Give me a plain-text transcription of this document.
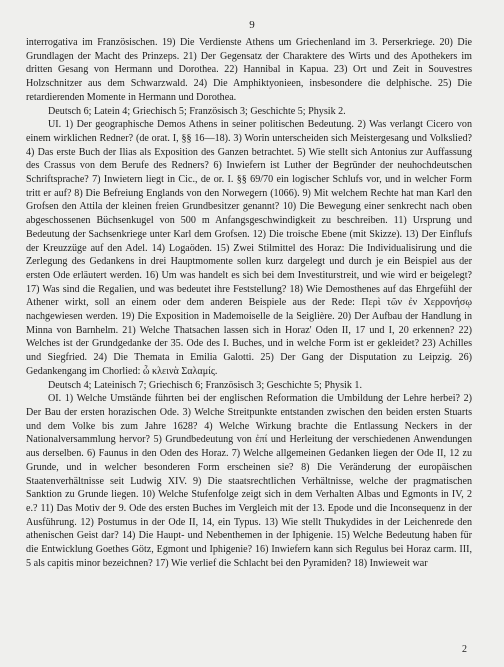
9

interrogativa im Französischen. 19) Die Verdienste Athens um Griechenland im 3. Perserkriege. 20) Die Grundlagen der Macht des Prinzeps. 21) Der Gegensatz der Charaktere des Wirts und des Apothekers im dritten Gesang von Hermann und Dorothea. 22) Hannibal in Kapua. 23) Ort und Zeit in Souvestres Holzschnitzer aus dem Schwarzwald. 24) Die Amphiktyonieen, insbesondere die delphische. 25) Die retardierenden Momente in Hermann und Dorothea.

Deutsch 6; Latein 4; Griechisch 5; Französisch 3; Geschichte 5; Physik 2.

UI. 1) Der geographische Demos Athens in seiner politischen Bedeutung. 2) Was verlangt Cicero von einem wirklichen Redner? (de orat. I, §§ 16—18). 3) Worin unterscheiden sich Meistergesang und Volkslied? 4) Das erste Buch der Ilias als Exposition des Ganzen betrachtet. 5) Wie stellt sich Antonius zur Auffassung des Crassus von dem Berufe des Redners? 6) Inwiefern ist Luther der Begründer der neuhochdeutschen Schriftsprache? 7) Inwietern liegt in Cic., de or. I. §§ 69/70 ein logischer Schlufs vor, und in welcher Form tritt er auf? 8) Die Befreiung Englands von den Norwegern (1066). 9) Mit welchem Rechte hat man Karl den Grofsen den Attila der kleinen freien Grundbesitzer genannt? 10) Die Bewegung einer senkrecht nach oben abgeschossenen Büchsenkugel von 500 m Anfangsgeschwindigkeit zu beschreiben. 11) Ursprung und Bedeutung der Sachsenkriege unter Karl dem Grofsen. 12) Die troische Ebene (mit Skizze). 13) Der Einflufs der Kreuzzüge auf den Adel. 14) Logaöden. 15) Zwei Stilmittel des Horaz: Die Individualisirung und die Zerlegung des Gedankens in drei Hauptmomente sollen kurz dargelegt und durch je ein Beispiel aus der ersten Ode erläutert werden. 16) Um was handelt es sich bei dem Investiturstreit, und wie wird er beigelegt? 17) Was sind die Regalien, und was bedeutet ihre Feststellung? 18) Wie Demosthenes auf das Ehrgefühl der Athener wirkt, soll an einem oder dem anderen Beispiele aus der Rede: Περὶ τῶν ἐν Χερρονήσῳ nachgewiesen werden. 19) Die Exposition in Mademoiselle de la Seiglière. 20) Der Aufbau der Handlung in Minna von Barnhelm. 21) Welche Thatsachen lassen sich in Horaz' Oden II, 17 und I, 20 erkennen? 22) Welches ist der Grundgedanke der 35. Ode des I. Buches, und in welche Form ist er gekleidet? 23) Achilles und Siegfried. 24) Die Themata in Emilia Galotti. 25) Der Gang der Disputation zu Leipzig. 26) Gedankengang im Chorlied: ὦ κλεινὰ Σαλαμίς.

Deutsch 4; Lateinisch 7; Griechisch 6; Französisch 3; Geschichte 5; Physik 1.

OI. 1) Welche Umstände führten bei der englischen Reformation die Umbildung der Lehre herbei? 2) Der Bau der ersten horazischen Ode. 3) Welche Streitpunkte entstanden zwischen den beiden ersten Stuarts und dem Volke bis zum Jahre 1628? 4) Welche Wirkung brachte die Entlassung Neckers in der Nationalversammlung hervor? 5) Grundbedeutung von ἐπί und Herleitung der verschiedenen Anwendungen aus derselben. 6) Faunus in den Oden des Horaz. 7) Welche allgemeinen Gedanken liegen der Ode II, 12 zu Grunde, und in welcher besonderen Form erscheinen sie? 8) Die Veränderung der europäischen Staatenverhältnisse seit Ludwig XIV. 9) Die staatsrechtlichen Verhältnisse, welche der pragmatischen Sanktion zu Grunde liegen. 10) Welche Stufenfolge zeigt sich in dem Verhalten Albas und Egmonts in IV, 2 e.? 11) Das Motiv der 9. Ode des ersten Buches im Vergleich mit der 13. Epode und die Inconsequenz in der Ausführung. 12) Postumus in der Ode II, 14, ein Typus. 13) Wie stellt Thukydides in der Leichenrede den athenischen Geist dar? 14) Die Haupt- und Nebenthemen in der Iphigenie. 15) Welche Bedeutung haben für die Entwicklung Goethes Götz, Egmont und Iphigenie? 16) Inwiefern kann sich Regulus bei Horaz carm. III, 5 als capitis minor bezeichnen? 17) Wie verlief die Schlacht bei den Pyramiden? 18) Inwieweit war

2
